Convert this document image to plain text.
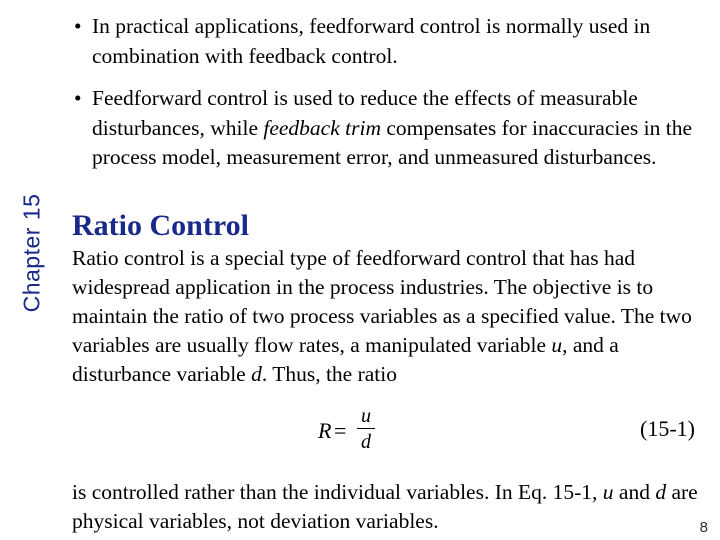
Chapter 15
• In practical applications, feedforward control is normally used in combination with feedback control.
• Feedforward control is used to reduce the effects of measurable disturbances, while feedback trim compensates for inaccuracies in the process model, measurement error, and unmeasured disturbances.
Ratio Control
Ratio control is a special type of feedforward control that has had widespread application in the process industries. The objective is to maintain the ratio of two process variables as a specified value. The two variables are usually flow rates, a manipulated variable u, and a disturbance variable d. Thus, the ratio
R =
u
d
(15-1)
is controlled rather than the individual variables. In Eq. 15-1, u and d are physical variables, not deviation variables.	8
